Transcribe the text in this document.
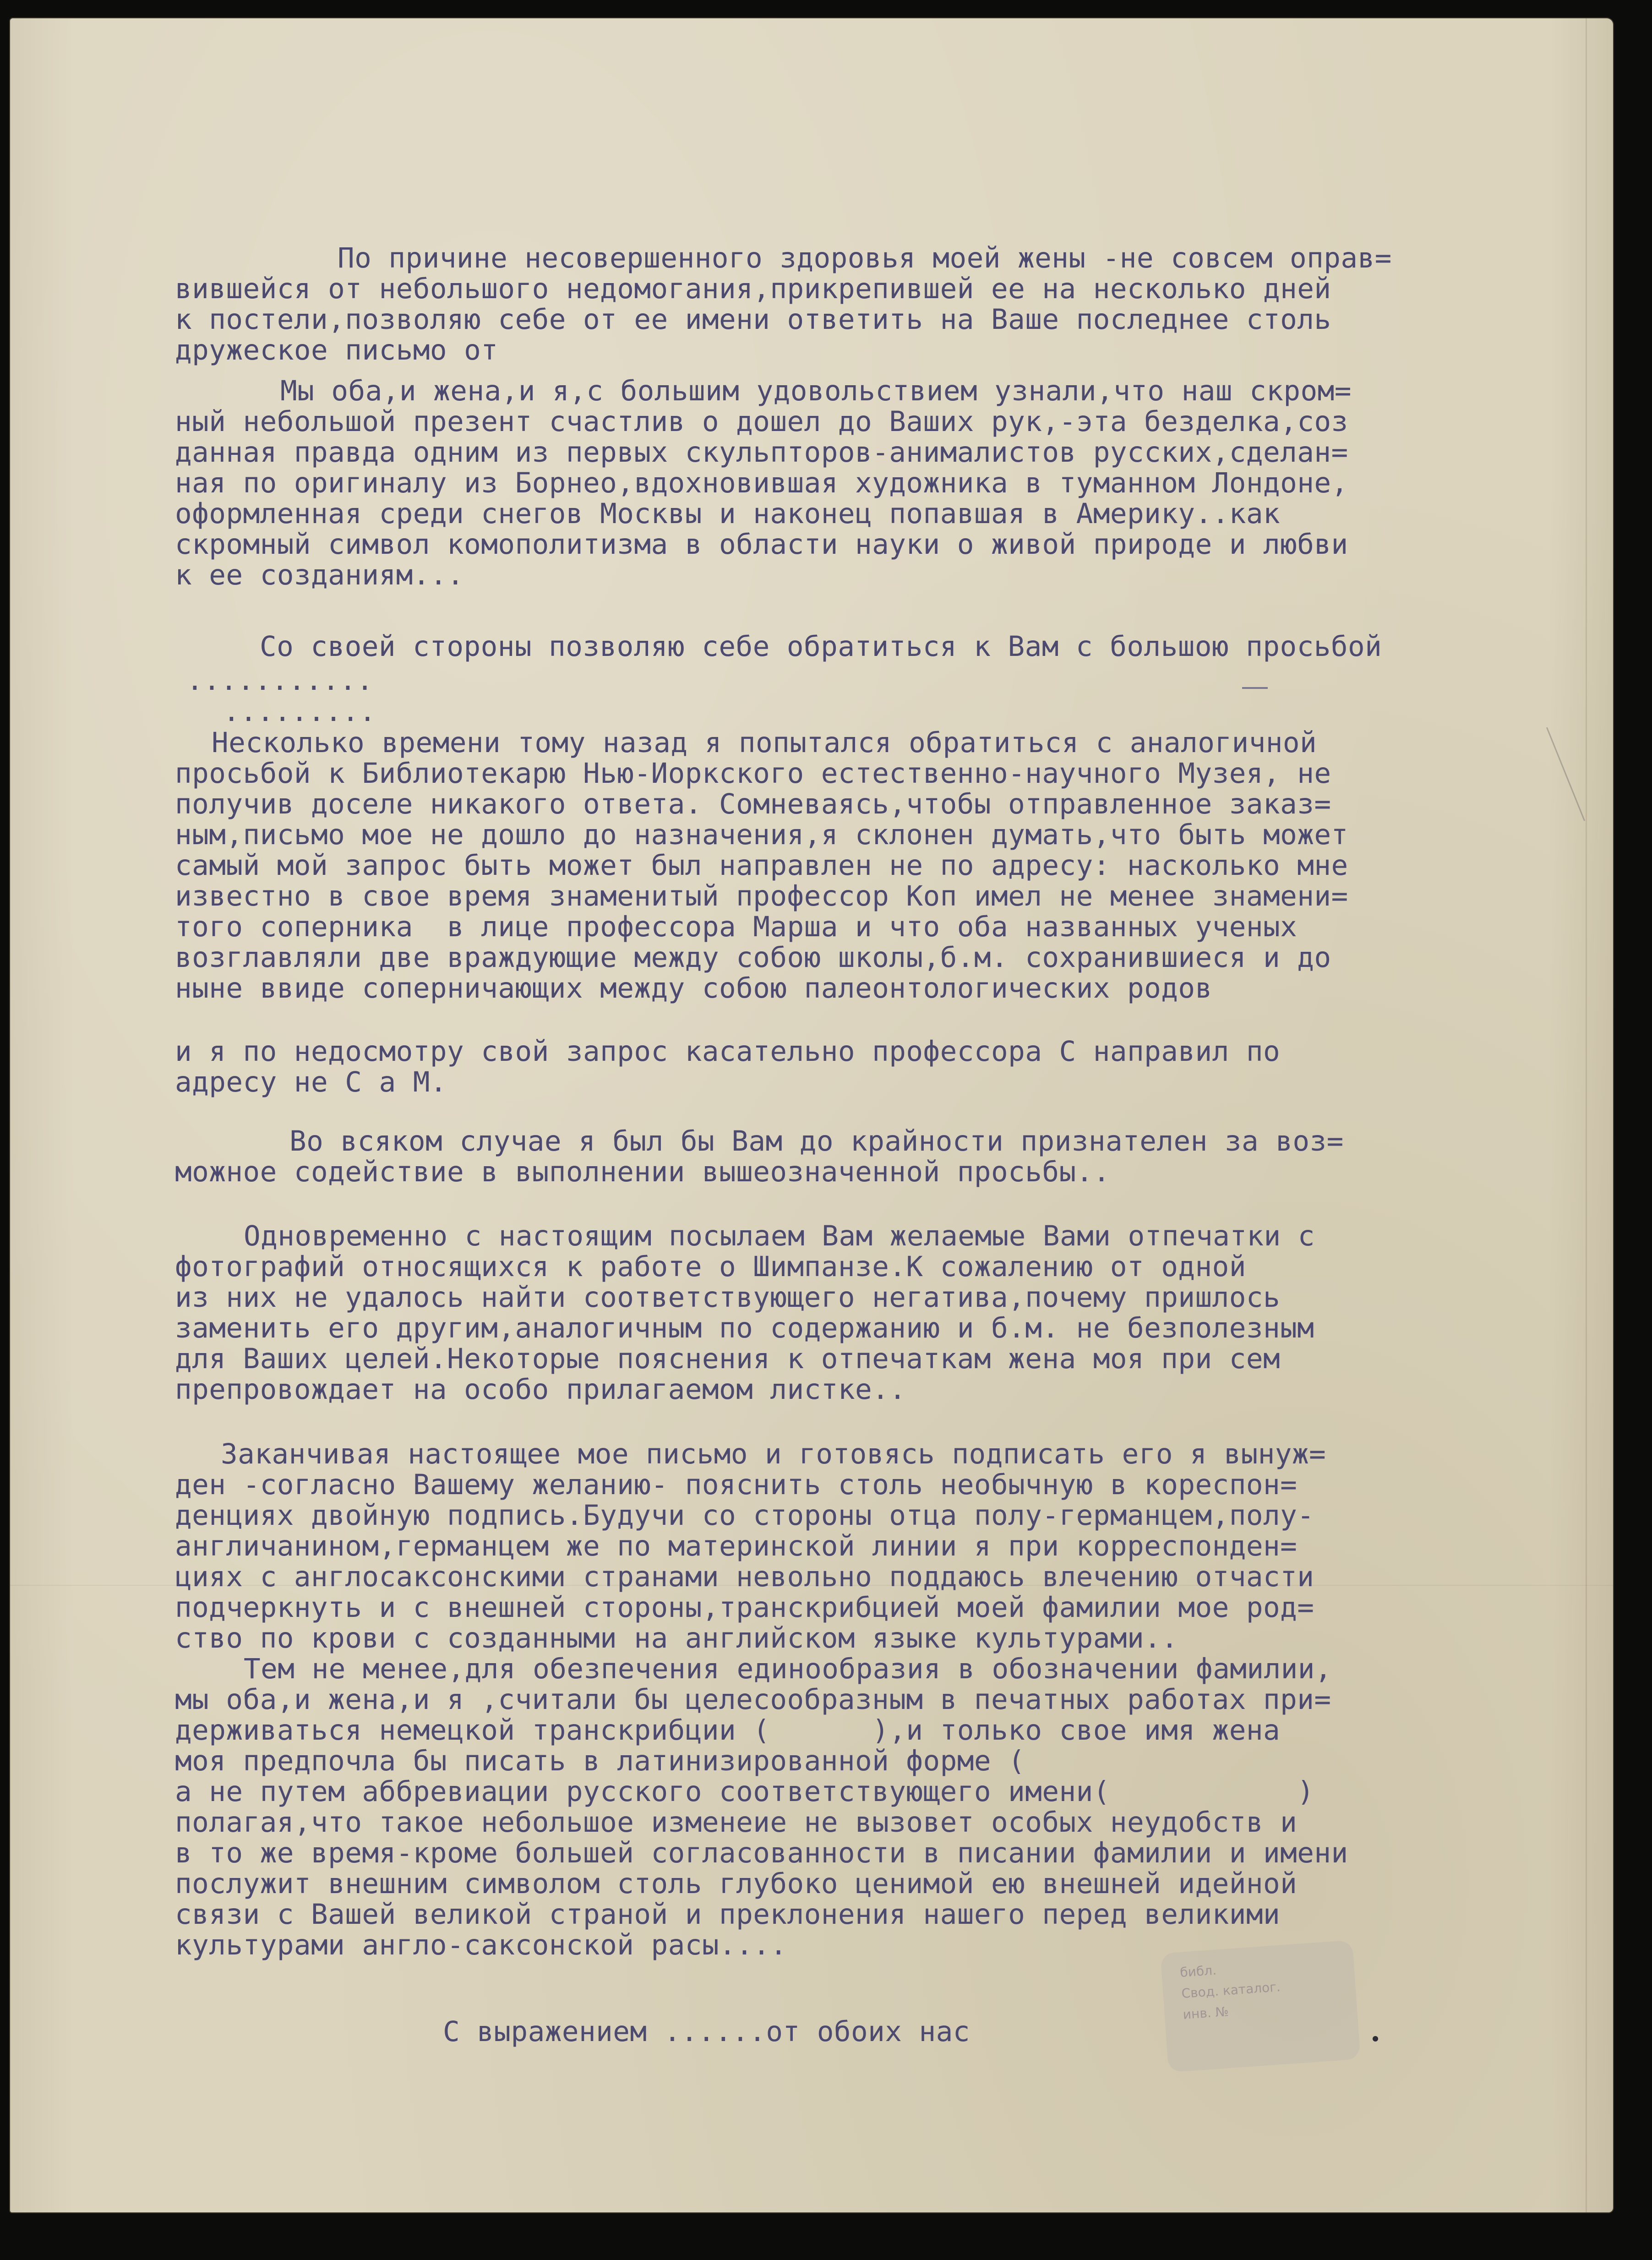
По причине несовершенного здоровья моей жены -не совсем оправ=
вившейся от небольшого недомогания,прикрепившей ее на несколько дней
к постели,позволяю себе от ее имени ответить на Ваше последнее столь
дружеское письмо от
Мы оба,и жена,и я,с большим удовольствием узнали,что наш скром=
ный небольшой презент счастлив о дошел до Ваших рук,-эта безделка,соз
данная правда одним из первых скульпторов-анималистов русских,сделан=
ная по оригиналу из Борнео,вдохновившая художника в туманном Лондоне,
оформленная среди снегов Москвы и наконец попавшая в Америку..как
скромный символ комополитизма в области науки о живой природе и любви
к ее созданиям...
Со своей стороны позволяю себе обратиться к Вам с большою просьбой
...........
.........
Несколько времени тому назад я попытался обратиться с аналогичной
просьбой к Библиотекарю Нью-Иоркского естественно-научного Музея, не
получив доселе никакого ответа. Сомневаясь,чтобы отправленное заказ=
ным,письмо мое не дошло до назначения,я склонен думать,что быть может
самый мой запрос быть может был направлен не по адресу: насколько мне
известно в свое время знаменитый профессор Коп имел не менее знамени=
того соперника  в лице профессора Марша и что оба названных ученых
возглавляли две враждующие между собою школы,б.м. сохранившиеся и до
ныне ввиде соперничающих между собою палеонтологических родов
и я по недосмотру свой запрос касательно профессора С направил по
адресу не С а М.
Во всяком случае я был бы Вам до крайности признателен за воз=
можное содействие в выполнении вышеозначенной просьбы..
Одновременно с настоящим посылаем Вам желаемые Вами отпечатки с
фотографий относящихся к работе о Шимпанзе.К сожалению от одной
из них не удалось найти соответствующего негатива,почему пришлось
заменить его другим,аналогичным по содержанию и б.м. не безполезным
для Ваших целей.Некоторые пояснения к отпечаткам жена моя при сем
препровождает на особо прилагаемом листке..
Заканчивая настоящее мое письмо и готовясь подписать его я вынуж=
ден -согласно Вашему желанию- пояснить столь необычную в кореспон=
денциях двойную подпись.Будучи со стороны отца полу-германцем,полу-
англичанином,германцем же по материнской линии я при корреспонден=
циях с англосаксонскими странами невольно поддаюсь влечению отчасти
подчеркнуть и с внешней стороны,транскрибцией моей фамилии мое род=
ство по крови с созданными на английском языке культурами..
Тем не менее,для обезпечения единообразия в обозначении фамилии,
мы оба,и жена,и я ,считали бы целесообразным в печатных работах при=
держиваться немецкой транскрибции (      ),и только свое имя жена
моя предпочла бы писать в латинизированной форме (
а не путем аббревиации русского соответствующего имени(           )
полагая,что такое небольшое изменеие не вызовет особых неудобств и
в то же время-кроме большей согласованности в писании фамилии и имени
послужит внешним символом столь глубоко ценимой ею внешней идейной
связи с Вашей великой страной и преклонения нашего перед великими
культурами англо-саксонской расы....
С выражением ......от обоих нас
библ.
Свод. каталог.
инв. №
